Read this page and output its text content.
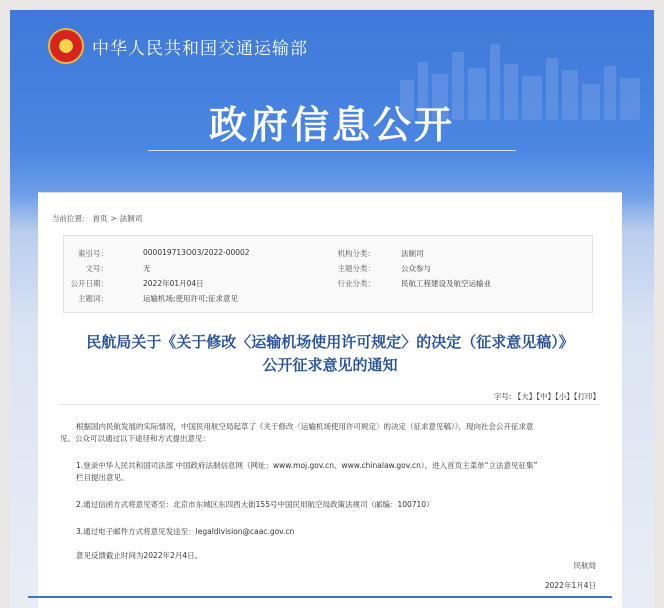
★	中华人民共和国交通运输部
政府信息公开
当前位置： 首页 > 法制司
索引号：	000019713O03/2022-00002	机构分类：	法制司
文号：	无	主题分类：	公众参与
公开日期：	2022年01月04日	行业分类：	民航工程建设及航空运输业
主题词：	运输机场;使用许可;征求意见
民航局关于《关于修改〈运输机场使用许可规定〉的决定（征求意见稿）》
公开征求意见的通知
字号: 【大】【中】【小】【打印】
根据国内民航发展的实际情况，中国民用航空局起草了《关于修改〈运输机场使用许可规定〉的决定（征求意见稿）》，现向社会公开征求意
见。公众可以通过以下途径和方式提出意见：
1.登录中华人民共和国司法部 中国政府法制信息网（网址：www.moj.gov.cn、www.chinalaw.gov.cn），进入首页主菜单“立法意见征集”
栏目提出意见。
2.通过信函方式将意见寄至：北京市东城区东四西大街155号中国民用航空局政策法规司（邮编：100710）
3.通过电子邮件方式将意见发送至：legaldivision@caac.gov.cn
意见反馈截止时间为2022年2月4日。
民航局
2022年1月4日
